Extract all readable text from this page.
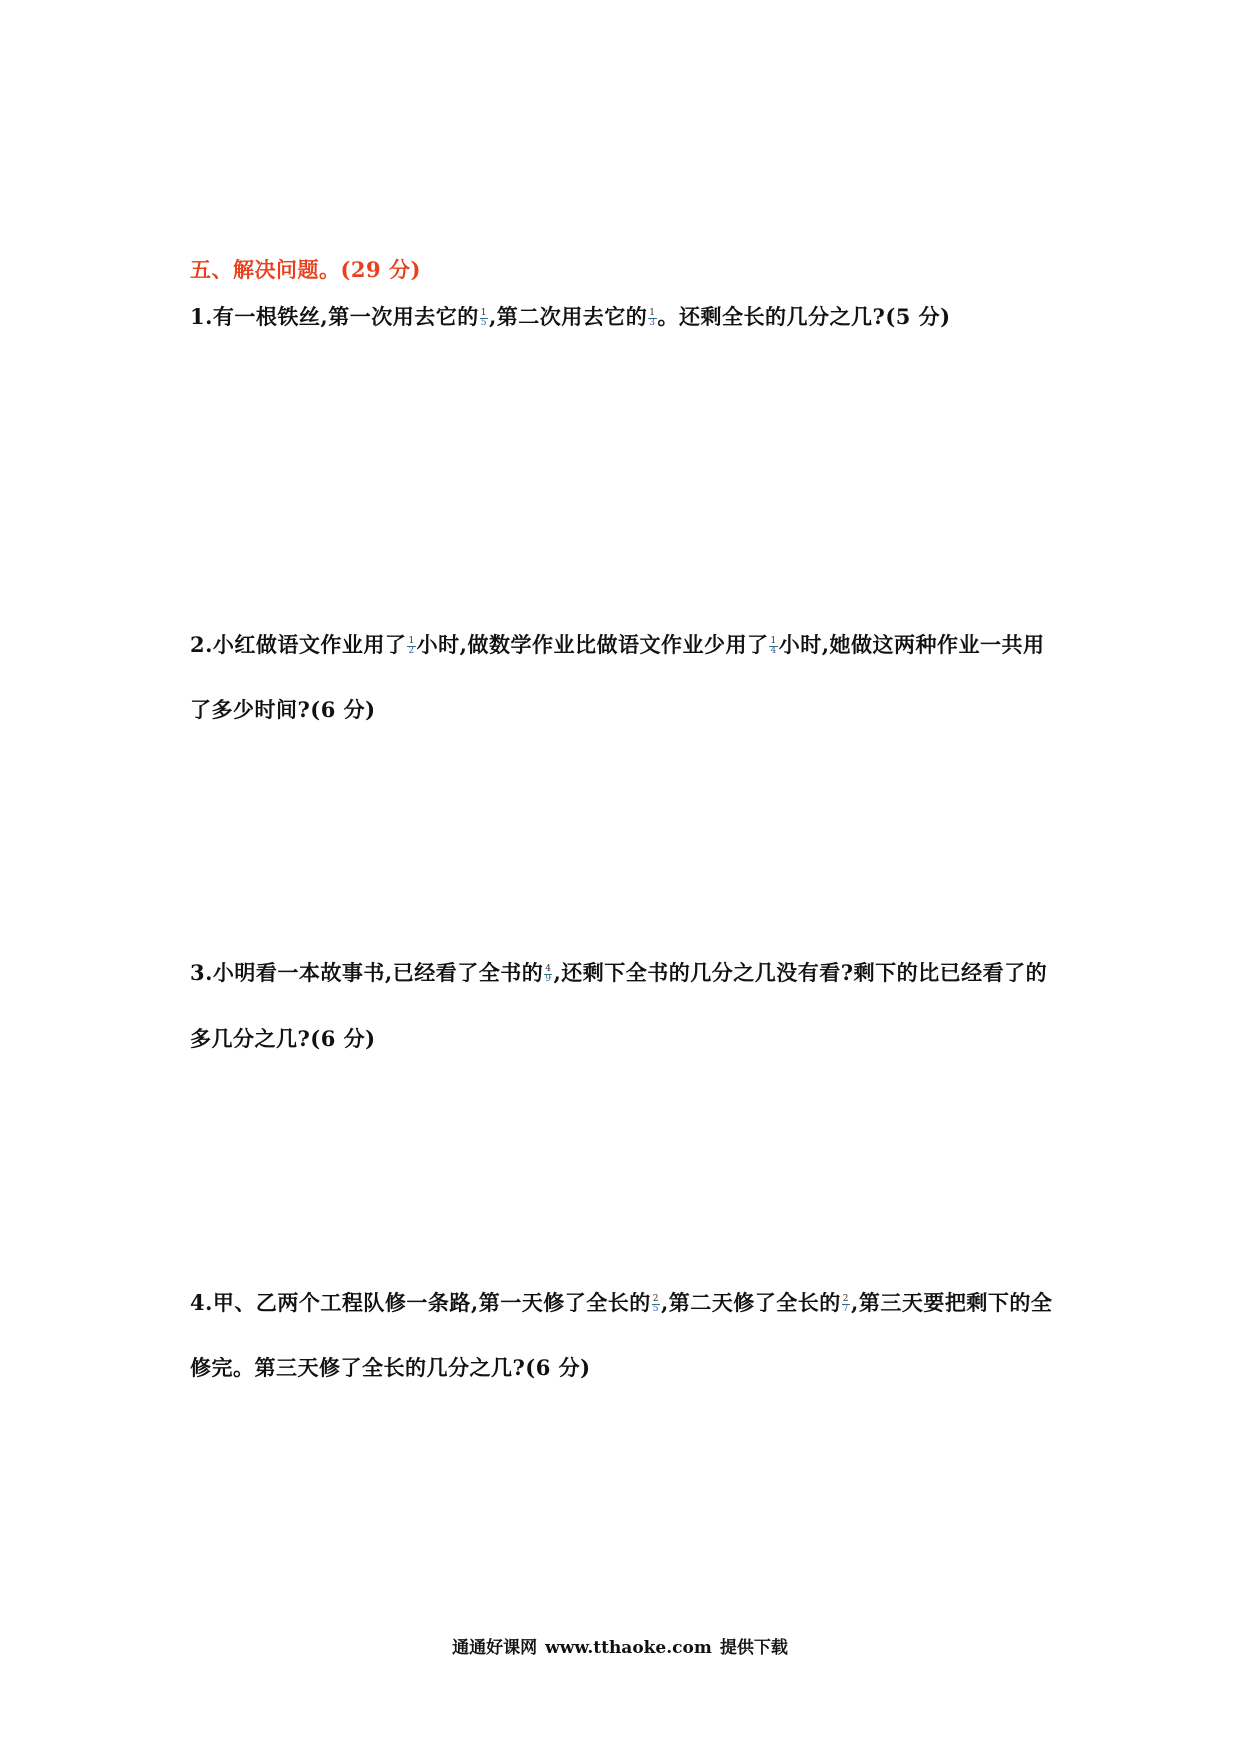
五、解决问题。(29 分)
1.有一根铁丝,第一次用去它的 $\frac{1}{5}$ ,第二次用去它的 $\frac{1}{3}$ 。还剩全长的几分之几?(5 分)
2.小红做语文作业用了 $\frac{1}{2}$ 小时,做数学作业比做语文作业少用了 $\frac{1}{4}$ 小时,她做这两种作业一共用
了多少时间?(6 分)
3.小明看一本故事书,已经看了全书的 $\frac{4}{9}$ ,还剩下全书的几分之几没有看?剩下的比已经看了的
多几分之几?(6 分)
4.甲、乙两个工程队修一条路,第一天修了全长的 $\frac{2}{5}$ ,第二天修了全长的 $\frac{2}{7}$ ,第三天要把剩下的全
修完。第三天修了全长的几分之几?(6 分)
通通好课网 www.tthaoke.com 提供下载
